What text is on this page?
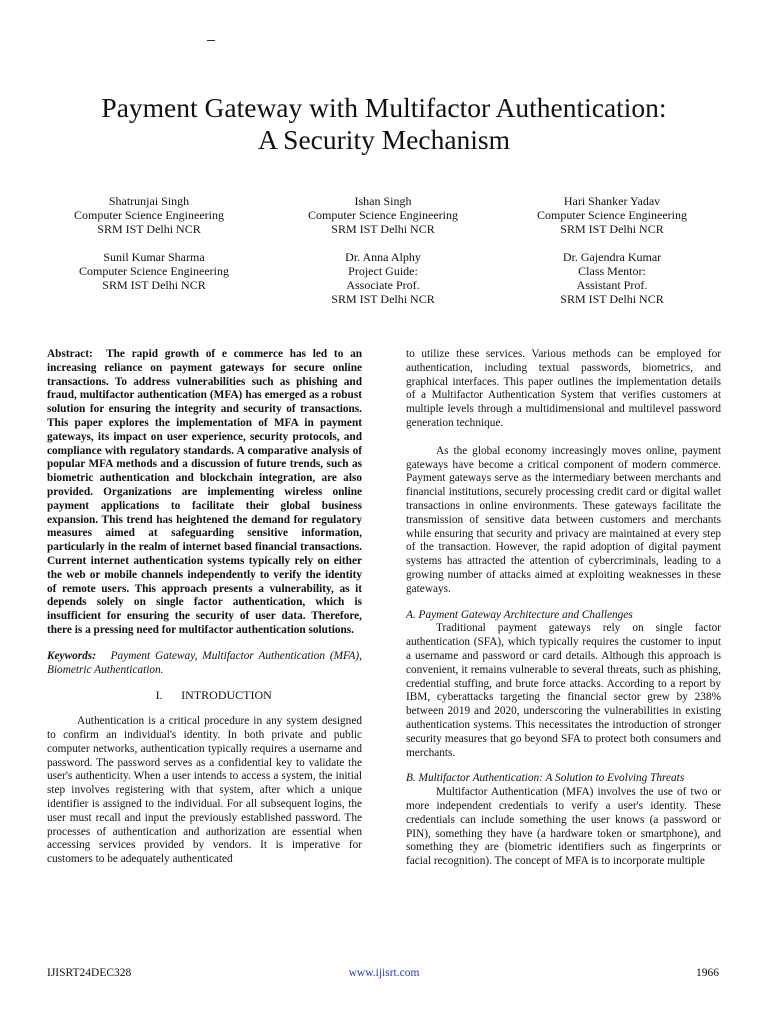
Payment Gateway with Multifactor Authentication:
A Security Mechanism
Shatrunjai Singh
Computer Science Engineering
SRM IST Delhi NCR
Ishan Singh
Computer Science Engineering
SRM IST Delhi NCR
Hari Shanker Yadav
Computer Science Engineering
SRM IST Delhi NCR
Sunil Kumar Sharma
Computer Science Engineering
SRM IST Delhi NCR
Dr. Anna Alphy
Project Guide:
Associate Prof.
SRM IST Delhi NCR
Dr. Gajendra Kumar
Class Mentor:
Assistant Prof.
SRM IST Delhi NCR

Abstract: The rapid growth of e commerce has led to an increasing reliance on payment gateways for secure online transactions. To address vulnerabilities such as phishing and fraud, multifactor authentication (MFA) has emerged as a robust solution for ensuring the integrity and security of transactions. This paper explores the implementation of MFA in payment gateways, its impact on user experience, security protocols, and compliance with regulatory standards. A comparative analysis of popular MFA methods and a discussion of future trends, such as biometric authentication and blockchain integration, are also provided. Organizations are implementing wireless online payment applications to facilitate their global business expansion. This trend has heightened the demand for regulatory measures aimed at safeguarding sensitive information, particularly in the realm of internet based financial transactions. Current internet authentication systems typically rely on either the web or mobile channels independently to verify the identity of remote users. This approach presents a vulnerability, as it depends solely on single factor authentication, which is insufficient for ensuring the security of user data. Therefore, there is a pressing need for multifactor authentication solutions.

Keywords: Payment Gateway, Multifactor Authentication (MFA), Biometric Authentication.

I. INTRODUCTION

Authentication is a critical procedure in any system designed to confirm an individual's identity. In both private and public computer networks, authentication typically requires a username and password. The password serves as a confidential key to validate the user's authenticity. When a user intends to access a system, the initial step involves registering with that system, after which a unique identifier is assigned to the individual. For all subsequent logins, the user must recall and input the previously established password. The processes of authentication and authorization are essential when accessing services provided by vendors. It is imperative for customers to be adequately authenticated

to utilize these services. Various methods can be employed for authentication, including textual passwords, biometrics, and graphical interfaces. This paper outlines the implementation details of a Multifactor Authentication System that verifies customers at multiple levels through a multidimensional and multilevel password generation technique.

As the global economy increasingly moves online, payment gateways have become a critical component of modern commerce. Payment gateways serve as the intermediary between merchants and financial institutions, securely processing credit card or digital wallet transactions in online environments. These gateways facilitate the transmission of sensitive data between customers and merchants while ensuring that security and privacy are maintained at every step of the transaction. However, the rapid adoption of digital payment systems has attracted the attention of cybercriminals, leading to a growing number of attacks aimed at exploiting weaknesses in these gateways.

A. Payment Gateway Architecture and Challenges

Traditional payment gateways rely on single factor authentication (SFA), which typically requires the customer to input a username and password or card details. Although this approach is convenient, it remains vulnerable to several threats, such as phishing, credential stuffing, and brute force attacks. According to a report by IBM, cyberattacks targeting the financial sector grew by 238% between 2019 and 2020, underscoring the vulnerabilities in existing authentication systems. This necessitates the introduction of stronger security measures that go beyond SFA to protect both consumers and merchants.

B. Multifactor Authentication: A Solution to Evolving Threats

Multifactor Authentication (MFA) involves the use of two or more independent credentials to verify a user's identity. These credentials can include something the user knows (a password or PIN), something they have (a hardware token or smartphone), and something they are (biometric identifiers such as fingerprints or facial recognition). The concept of MFA is to incorporate multiple

IJISRT24DEC328	www.ijisrt.com	1966
